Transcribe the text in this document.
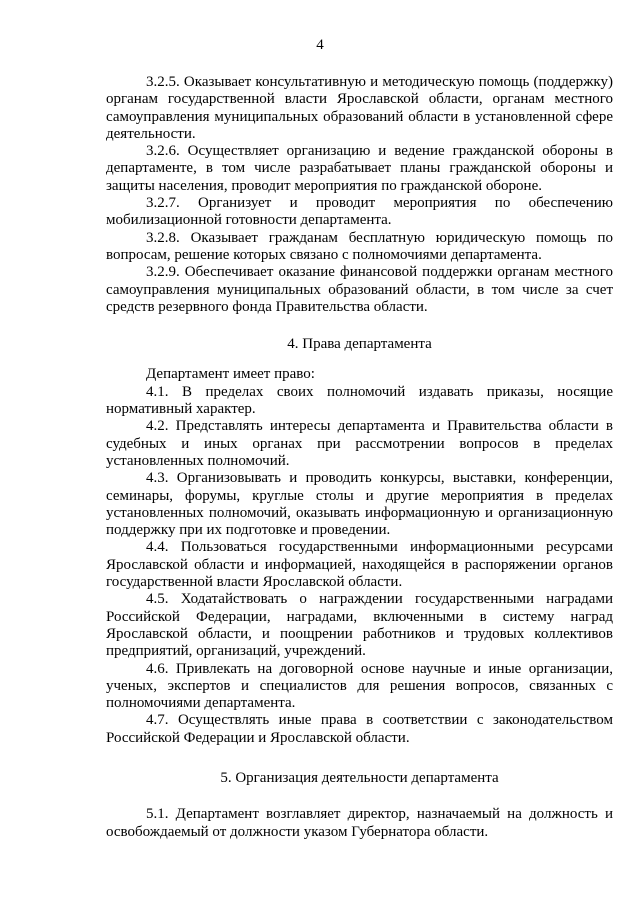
4

3.2.5. Оказывает консультативную и методическую помощь (поддержку) органам государственной власти Ярославской области, органам местного самоуправления муниципальных образований области в установленной сфере деятельности.

3.2.6. Осуществляет организацию и ведение гражданской обороны в департаменте, в том числе разрабатывает планы гражданской обороны и защиты населения, проводит мероприятия по гражданской обороне.

3.2.7. Организует и проводит мероприятия по обеспечению мобилизационной готовности департамента.

3.2.8. Оказывает гражданам бесплатную юридическую помощь по вопросам, решение которых связано с полномочиями департамента.

3.2.9. Обеспечивает оказание финансовой поддержки органам местного самоуправления муниципальных образований области, в том числе за счет средств резервного фонда Правительства области.

4. Права департамента

Департамент имеет право:

4.1. В пределах своих полномочий издавать приказы, носящие нормативный характер.

4.2. Представлять интересы департамента и Правительства области в судебных и иных органах при рассмотрении вопросов в пределах установленных полномочий.

4.3. Организовывать и проводить конкурсы, выставки, конференции, семинары, форумы, круглые столы и другие мероприятия в пределах установленных полномочий, оказывать информационную и организационную поддержку при их подготовке и проведении.

4.4. Пользоваться государственными информационными ресурсами Ярославской области и информацией, находящейся в распоряжении органов государственной власти Ярославской области.

4.5. Ходатайствовать о награждении государственными наградами Российской Федерации, наградами, включенными в систему наград Ярославской области, и поощрении работников и трудовых коллективов предприятий, организаций, учреждений.

4.6. Привлекать на договорной основе научные и иные организации, ученых, экспертов и специалистов для решения вопросов, связанных с полномочиями департамента.

4.7. Осуществлять иные права в соответствии с законодательством Российской Федерации и Ярославской области.

5. Организация деятельности департамента

5.1. Департамент возглавляет директор, назначаемый на должность и освобождаемый от должности указом Губернатора области.
